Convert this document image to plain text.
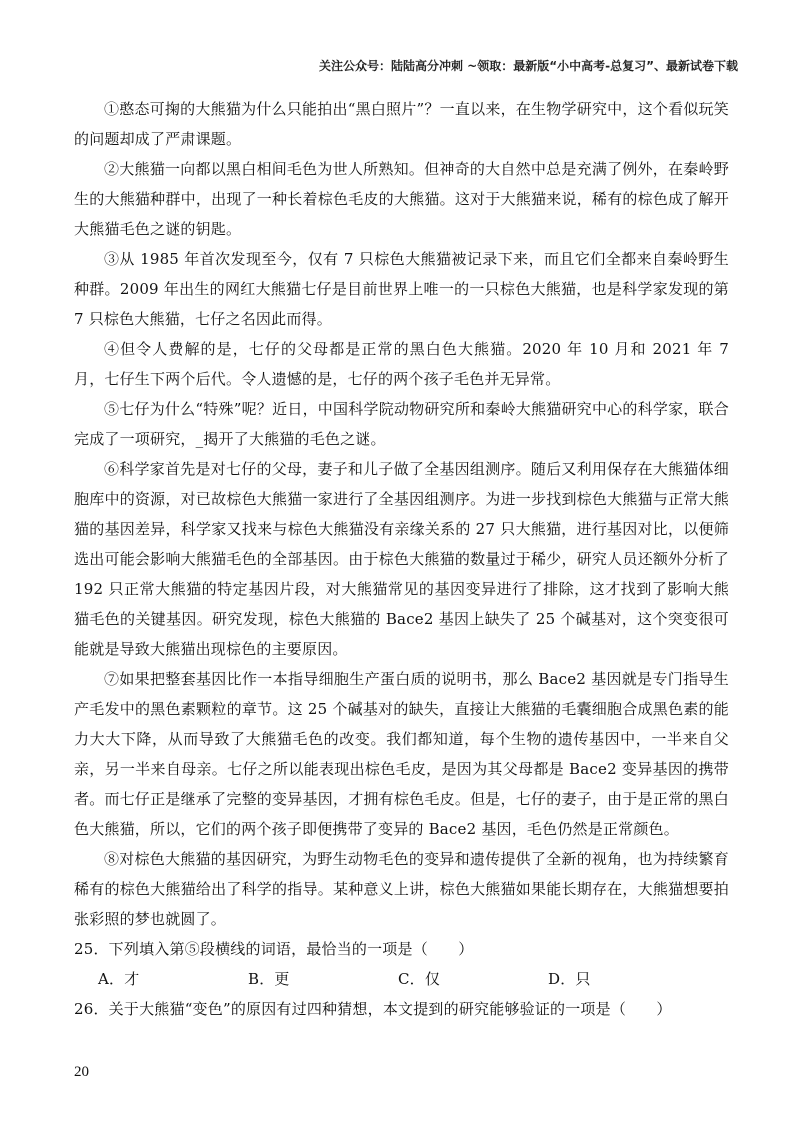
关注公众号：陆陆高分冲刺 ~领取：最新版“小中高考-总复习”、最新试卷下载

①憨态可掬的大熊猫为什么只能拍出“黑白照片”？一直以来，在生物学研究中，这个看似玩笑的问题却成了严肃课题。

②大熊猫一向都以黑白相间毛色为世人所熟知。但神奇的大自然中总是充满了例外，在秦岭野生的大熊猫种群中，出现了一种长着棕色毛皮的大熊猫。这对于大熊猫来说，稀有的棕色成了解开大熊猫毛色之谜的钥匙。

③从 1985 年首次发现至今，仅有 7 只棕色大熊猫被记录下来，而且它们全都来自秦岭野生种群。2009 年出生的网红大熊猫七仔是目前世界上唯一的一只棕色大熊猫，也是科学家发现的第 7 只棕色大熊猫，七仔之名因此而得。

④但令人费解的是，七仔的父母都是正常的黑白色大熊猫。2020 年 10 月和 2021 年 7 月，七仔生下两个后代。令人遗憾的是，七仔的两个孩子毛色并无异常。

⑤七仔为什么“特殊”呢？近日，中国科学院动物研究所和秦岭大熊猫研究中心的科学家，联合完成了一项研究，_揭开了大熊猫的毛色之谜。

⑥科学家首先是对七仔的父母，妻子和儿子做了全基因组测序。随后又利用保存在大熊猫体细胞库中的资源，对已故棕色大熊猫一家进行了全基因组测序。为进一步找到棕色大熊猫与正常大熊猫的基因差异，科学家又找来与棕色大熊猫没有亲缘关系的 27 只大熊猫，进行基因对比，以便筛选出可能会影响大熊猫毛色的全部基因。由于棕色大熊猫的数量过于稀少，研究人员还额外分析了 192 只正常大熊猫的特定基因片段，对大熊猫常见的基因变异进行了排除，这才找到了影响大熊猫毛色的关键基因。研究发现，棕色大熊猫的 Bace2 基因上缺失了 25 个碱基对，这个突变很可能就是导致大熊猫出现棕色的主要原因。

⑦如果把整套基因比作一本指导细胞生产蛋白质的说明书，那么 Bace2 基因就是专门指导生产毛发中的黑色素颗粒的章节。这 25 个碱基对的缺失，直接让大熊猫的毛囊细胞合成黑色素的能力大大下降，从而导致了大熊猫毛色的改变。我们都知道，每个生物的遗传基因中，一半来自父亲，另一半来自母亲。七仔之所以能表现出棕色毛皮，是因为其父母都是 Bace2 变异基因的携带者。而七仔正是继承了完整的变异基因，才拥有棕色毛皮。但是，七仔的妻子，由于是正常的黑白色大熊猫，所以，它们的两个孩子即便携带了变异的 Bace2 基因，毛色仍然是正常颜色。

⑧对棕色大熊猫的基因研究，为野生动物毛色的变异和遗传提供了全新的视角，也为持续繁育稀有的棕色大熊猫给出了科学的指导。某种意义上讲，棕色大熊猫如果能长期存在，大熊猫想要拍张彩照的梦也就圆了。

25．下列填入第⑤段横线的词语，最恰当的一项是（　　）

A．才	B．更	C．仅	D．只

26．关于大熊猫“变色”的原因有过四种猜想，本文提到的研究能够验证的一项是（　　）

20
